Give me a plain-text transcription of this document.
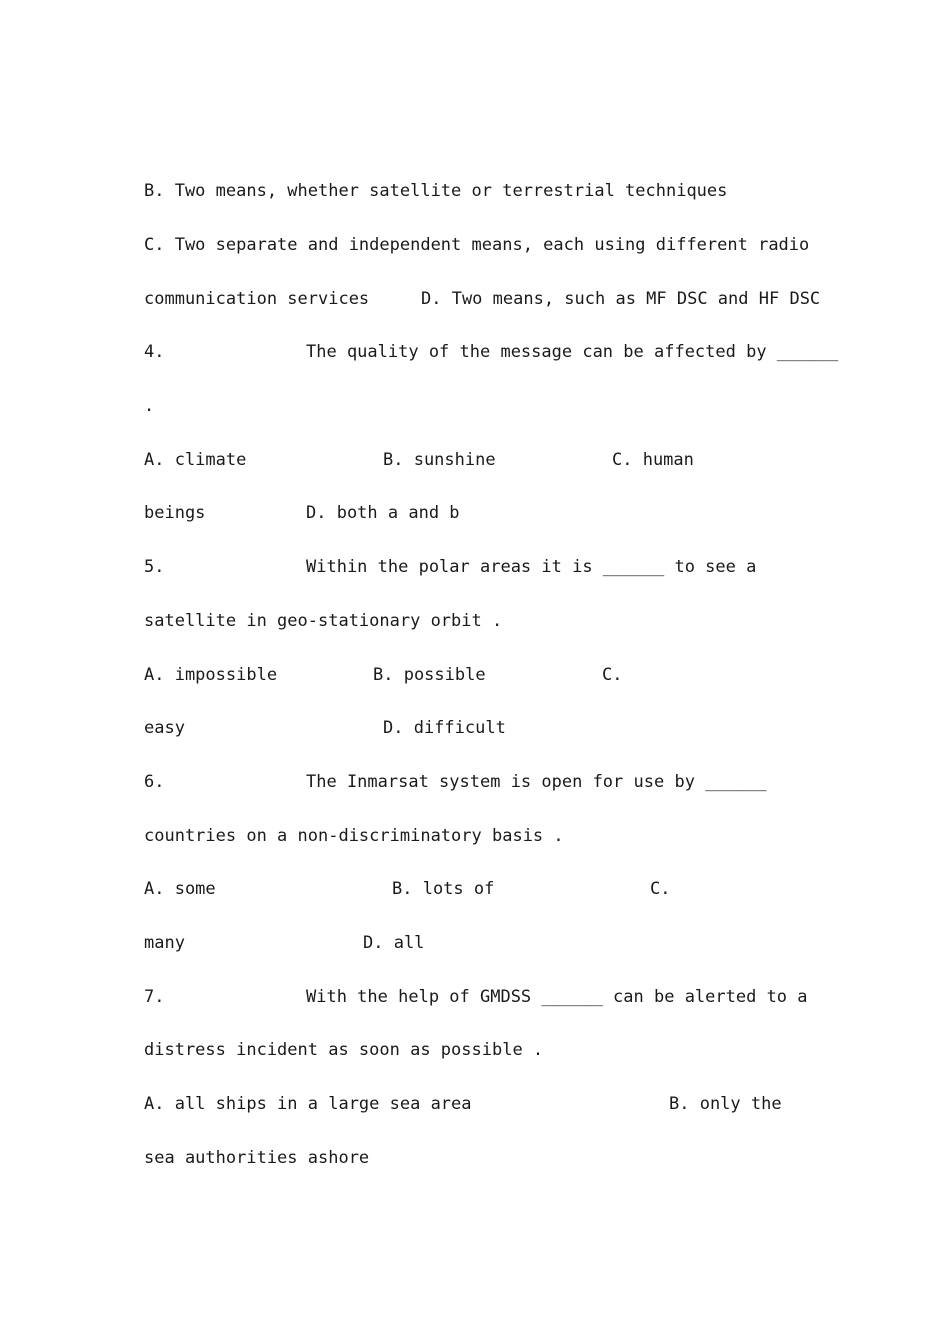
B. Two means, whether satellite or terrestrial techniques

C. Two separate and independent means, each using different radio

communication services

	D. Two means, such as MF DSC and HF DSC

4.

	The quality of the message can be affected by ______

.

A. climate

	B. sunshine

	C. human

beings

	D. both a and b

5.

	Within the polar areas it is ______ to see a

satellite in geo-stationary orbit .

A. impossible

	B. possible

	C.

easy

	D. difficult

6.

	The Inmarsat system is open for use by ______

countries on a non-discriminatory basis .

A. some

	B. lots of

	C.

many

	D. all

7.

	With the help of GMDSS ______ can be alerted to a

distress incident as soon as possible .

A. all ships in a large sea area

	B. only the

sea authorities ashore
